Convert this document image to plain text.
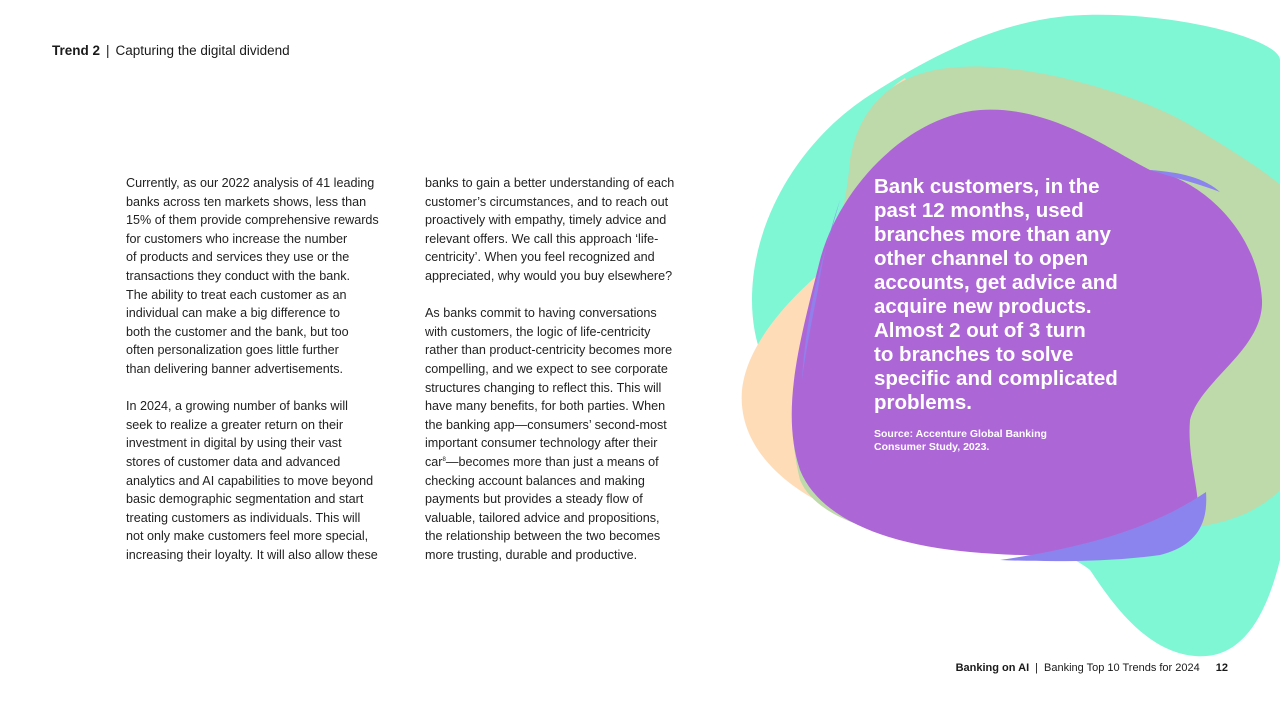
Trend 2 | Capturing the digital dividend

Currently, as our 2022 analysis of 41 leading
banks across ten markets shows, less than
15% of them provide comprehensive rewards
for customers who increase the number
of products and services they use or the
transactions they conduct with the bank.
The ability to treat each customer as an
individual can make a big difference to
both the customer and the bank, but too
often personalization goes little further
than delivering banner advertisements.

In 2024, a growing number of banks will
seek to realize a greater return on their
investment in digital by using their vast
stores of customer data and advanced
analytics and AI capabilities to move beyond
basic demographic segmentation and start
treating customers as individuals. This will
not only make customers feel more special,
increasing their loyalty. It will also allow these

banks to gain a better understanding of each
customer’s circumstances, and to reach out
proactively with empathy, timely advice and
relevant offers. We call this approach ‘life-
centricity’. When you feel recognized and
appreciated, why would you buy elsewhere?

As banks commit to having conversations
with customers, the logic of life-centricity
rather than product-centricity becomes more
compelling, and we expect to see corporate
structures changing to reflect this. This will
have many benefits, for both parties. When
the banking app—consumers’ second-most
important consumer technology after their
car$^8$—becomes more than just a means of
checking account balances and making
payments but provides a steady flow of
valuable, tailored advice and propositions,
the relationship between the two becomes
more trusting, durable and productive.

Bank customers, in the
past 12 months, used
branches more than any
other channel to open
accounts, get advice and
acquire new products.
Almost 2 out of 3 turn
to branches to solve
specific and complicated
problems.
Source: Accenture Global Banking
Consumer Study, 2023.
Banking on AI | Banking Top 10 Trends for 2024 12
